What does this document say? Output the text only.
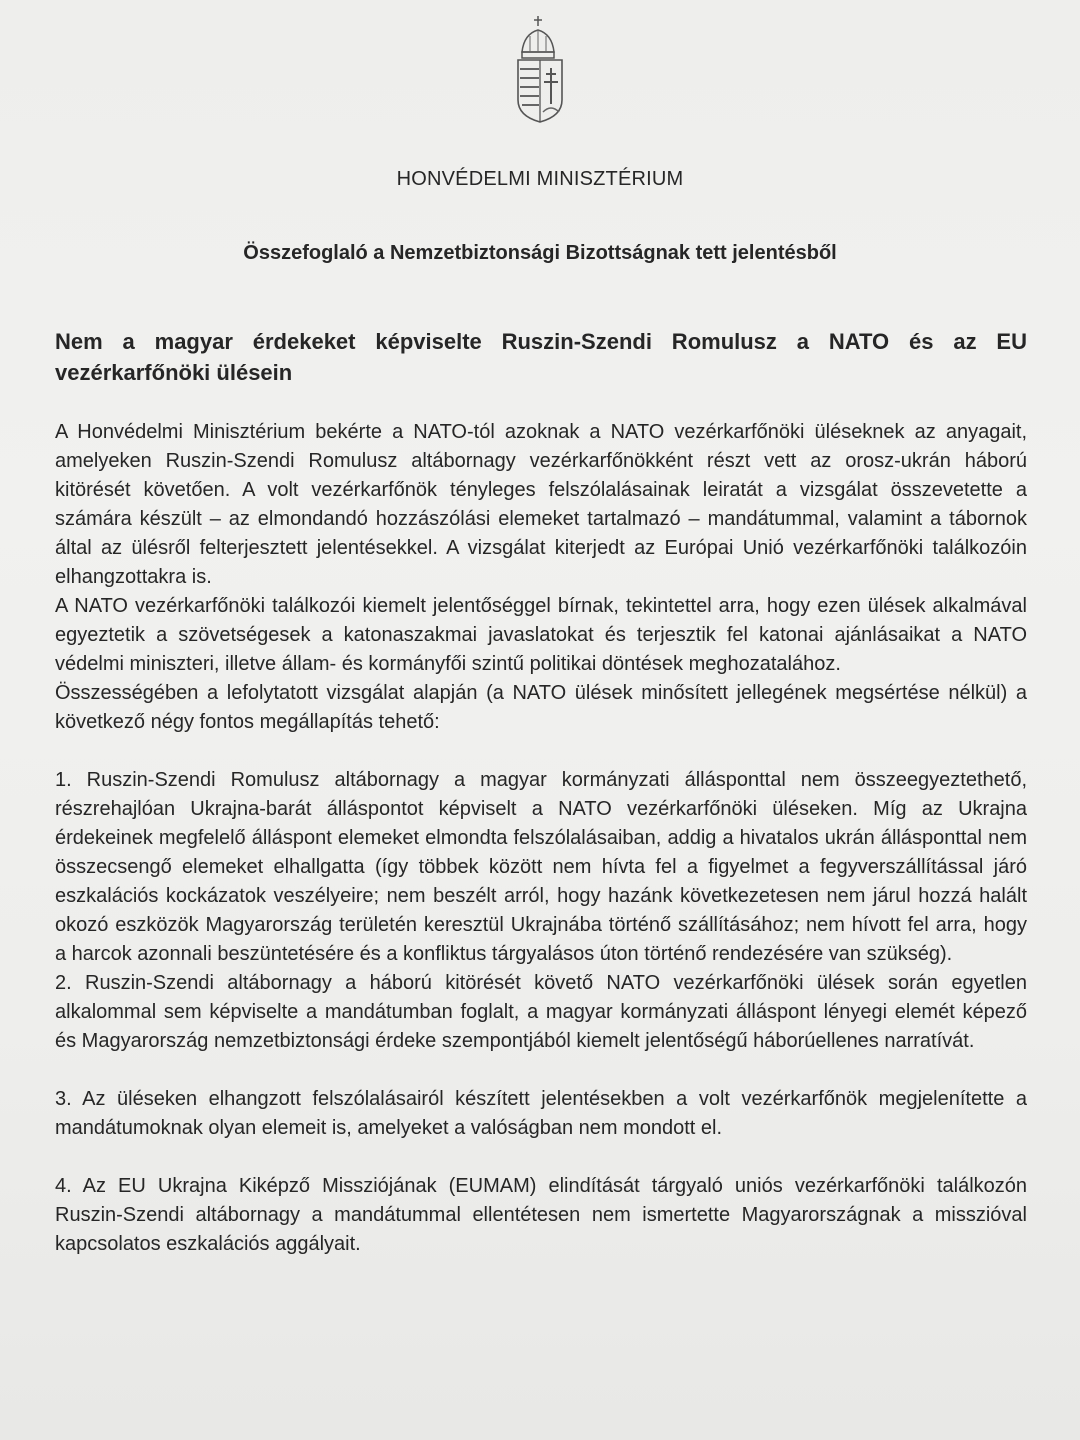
HONVÉDELMI MINISZTÉRIUM
Összefoglaló a Nemzetbiztonsági Bizottságnak tett jelentésből
Nem a magyar érdekeket képviselte Ruszin-Szendi Romulusz a NATO és az EU vezérkarfőnöki ülésein

A Honvédelmi Minisztérium bekérte a NATO-tól azoknak a NATO vezérkarfőnöki üléseknek az anyagait, amelyeken Ruszin-Szendi Romulusz altábornagy vezérkarfőnökként részt vett az orosz-ukrán háború kitörését követően. A volt vezérkarfőnök tényleges felszólalásainak leiratát a vizsgálat összevetette a számára készült – az elmondandó hozzászólási elemeket tartalmazó – mandátummal, valamint a tábornok által az ülésről felterjesztett jelentésekkel. A vizsgálat kiterjedt az Európai Unió vezérkarfőnöki találkozóin elhangzottakra is.

A NATO vezérkarfőnöki találkozói kiemelt jelentőséggel bírnak, tekintettel arra, hogy ezen ülések alkalmával egyeztetik a szövetségesek a katonaszakmai javaslatokat és terjesztik fel katonai ajánlásaikat a NATO védelmi miniszteri, illetve állam- és kormányfői szintű politikai döntések meghozatalához.

Összességében a lefolytatott vizsgálat alapján (a NATO ülések minősített jellegének megsértése nélkül) a következő négy fontos megállapítás tehető:

1. Ruszin-Szendi Romulusz altábornagy a magyar kormányzati állásponttal nem összeegyeztethető, részrehajlóan Ukrajna-barát álláspontot képviselt a NATO vezérkarfőnöki üléseken. Míg az Ukrajna érdekeinek megfelelő álláspont elemeket elmondta felszólalásaiban, addig a hivatalos ukrán állásponttal nem összecsengő elemeket elhallgatta (így többek között nem hívta fel a figyelmet a fegyverszállítással járó eszkalációs kockázatok veszélyeire; nem beszélt arról, hogy hazánk következetesen nem járul hozzá halált okozó eszközök Magyarország területén keresztül Ukrajnába történő szállításához; nem hívott fel arra, hogy a harcok azonnali beszüntetésére és a konfliktus tárgyalásos úton történő rendezésére van szükség).

2. Ruszin-Szendi altábornagy a háború kitörését követő NATO vezérkarfőnöki ülések során egyetlen alkalommal sem képviselte a mandátumban foglalt, a magyar kormányzati álláspont lényegi elemét képező és Magyarország nemzetbiztonsági érdeke szempontjából kiemelt jelentőségű háborúellenes narratívát.

3. Az üléseken elhangzott felszólalásairól készített jelentésekben a volt vezérkarfőnök megjelenítette a mandátumoknak olyan elemeit is, amelyeket a valóságban nem mondott el.

4. Az EU Ukrajna Kiképző Missziójának (EUMAM) elindítását tárgyaló uniós vezérkarfőnöki találkozón Ruszin-Szendi altábornagy a mandátummal ellentétesen nem ismertette Magyarországnak a misszióval kapcsolatos eszkalációs aggályait.
